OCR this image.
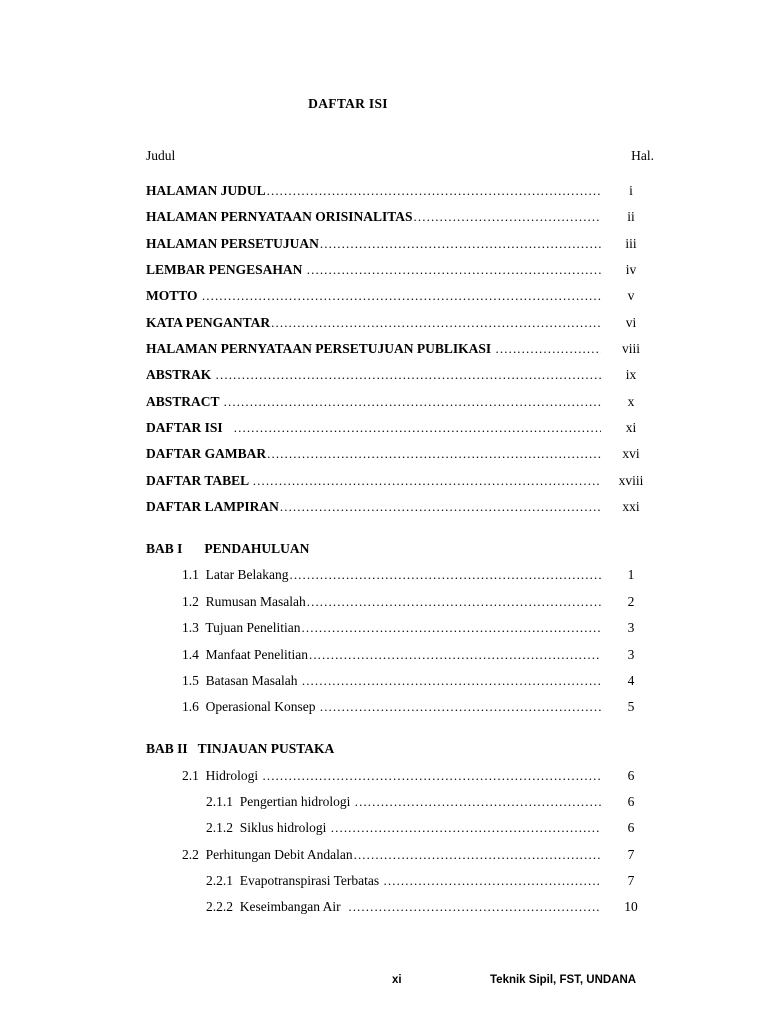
DAFTAR ISI
Judul	Hal.
HALAMAN JUDUL .....	i
HALAMAN PERNYATAAN ORISINALITAS .....	ii
HALAMAN PERSETUJUAN .....	iii
LEMBAR PENGESAHAN .....	iv
MOTTO .....	v
KATA PENGANTAR .....	vi
HALAMAN PERNYATAAN PERSETUJUAN PUBLIKASI .....	viii
ABSTRAK .....	ix
ABSTRACT .....	x
DAFTAR ISI .....	xi
DAFTAR GAMBAR .....	xvi
DAFTAR TABEL .....	xviii
DAFTAR LAMPIRAN .....	xxi
BAB I PENDAHULUAN
1.1  Latar Belakang .....	1
1.2  Rumusan Masalah .....	2
1.3  Tujuan Penelitian .....	3
1.4  Manfaat Penelitian .....	3
1.5  Batasan Masalah .....	4
1.6  Operasional Konsep .....	5
BAB II TINJAUAN PUSTAKA
2.1  Hidrologi .....	6
2.1.1  Pengertian hidrologi .....	6
2.1.2  Siklus hidrologi .....	6
2.2  Perhitungan Debit Andalan .....	7
2.2.1  Evapotranspirasi Terbatas .....	7
2.2.2  Keseimbangan Air .....	10
xi	Teknik Sipil, FST, UNDANA
